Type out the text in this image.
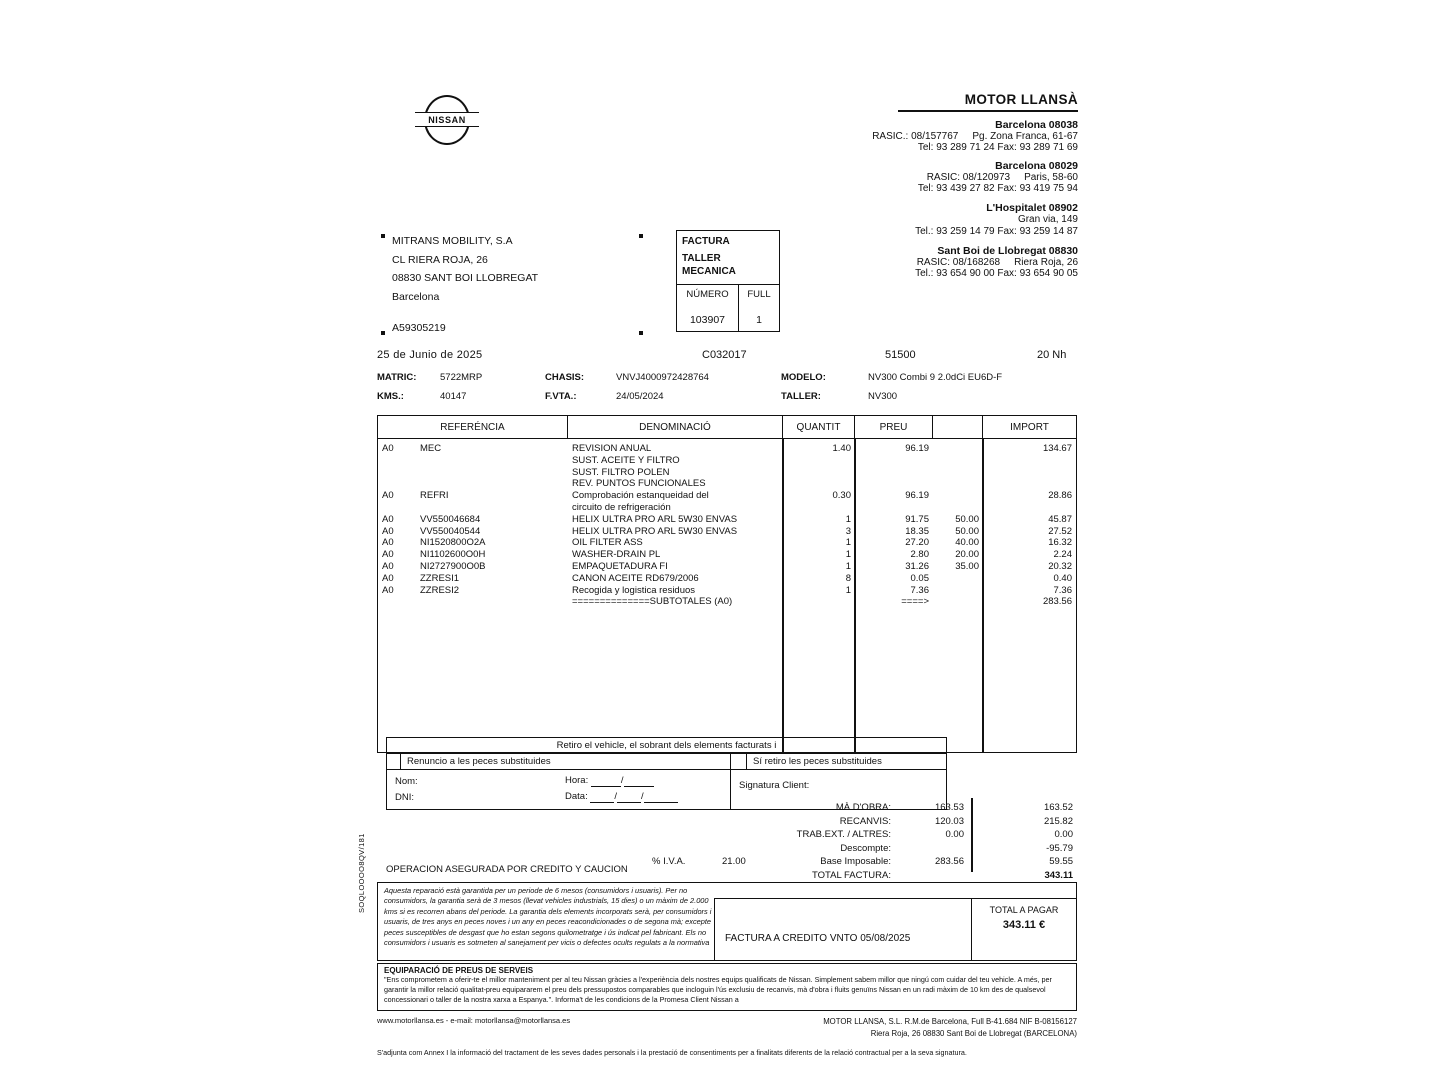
NISSAN
MOTOR LLANSÀ
Barcelona 08038
RASIC.: 08/157767 Pg. Zona Franca, 61-67
Tel: 93 289 71 24 Fax: 93 289 71 69
Barcelona 08029
RASIC: 08/120973 Paris, 58-60
Tel: 93 439 27 82 Fax: 93 419 75 94
L'Hospitalet 08902
Gran via, 149
Tel.: 93 259 14 79 Fax: 93 259 14 87
Sant Boi de Llobregat 08830
RASIC: 08/168268 Riera Roja, 26
Tel.: 93 654 90 00 Fax: 93 654 90 05
MITRANS MOBILITY, S.A
CL RIERA ROJA, 26
08830 SANT BOI LLOBREGAT
Barcelona
A59305219
FACTURA
TALLER
MECANICA
NÚMERO
103907
FULL
1
25 de Junio de 2025	C032017	51500	20 Nh
MATRIC: 5722MRP	CHASIS:	VNVJ4000972428764	MODELO:	NV300 Combi 9 2.0dCi EU6D-F
KMS.:	40147	F.VTA.:	24/05/2024	TALLER:	NV300
REFERÉNCIA	DENOMINACIÓ	QUANTIT	PREU	IMPORT
A0	MEC	REVISION ANUAL	1.40	96.19	134.67
SUST. ACEITE Y FILTRO
SUST. FILTRO POLEN
REV. PUNTOS FUNCIONALES
A0	REFRI	Comprobación estanqueidad del	0.30	96.19	28.86
circuito de refrigeración
A0	VV550046684	HELIX ULTRA PRO ARL 5W30 ENVAS	1	91.75	50.00	45.87
A0	VV550040544	HELIX ULTRA PRO ARL 5W30 ENVAS	3	18.35	50.00	27.52
A0	NI1520800O2A	OIL FILTER ASS	1	27.20	40.00	16.32
A0	NI1102600O0H	WASHER-DRAIN PL	1	2.80	20.00	2.24
A0	NI2727900O0B	EMPAQUETADURA FI	1	31.26	35.00	20.32
A0	ZZRESI1	CANON ACEITE RD679/2006	8	0.05	0.40
A0	ZZRESI2	Recogida y logistica residuos	1	7.36	7.36
==============SUBTOTALES (A0)	====>	283.56
Retiro el vehicle, el sobrant dels elements facturats i
Renuncio a les peces substituides	Sí retiro les peces substituides
Nom:	Hora:	/
DNI:	Data:	/	/
Signatura Client:
MÀ D'OBRA:	163.53	163.52
RECANVIS:	120.03	215.82
TRAB.EXT. / ALTRES:	0.00	0.00
Descompte:	-95.79
% I.V.A.	21.00	Base Imposable:	283.56	59.55
TOTAL FACTURA:	343.11
OPERACION ASEGURADA POR CREDITO Y CAUCION
SOQLOOOO8QV/181 Aquesta reparació està garantida per un periode de 6 mesos (consumidors i usuaris). Per no consumidors, la garantia serà de 3 mesos (llevat vehicles industrials, 15 dies) o un màxim de 2.000 kms si es recorren abans del periode. La garantia dels elements incorporats serà, per consumidors i usuaris, de tres anys en peces noves i un any en peces reacondicionades o de segona mà; excepte peces susceptibles de desgast que ho estan segons quilometratge i ús indicat pel fabricant. Els no consumidors i usuaris es sotmeten al sanejament per vicis o defectes ocults regulats a la normativa	FACTURA A CREDITO VNTO 05/08/2025
TOTAL A PAGAR
343.11 €
EQUIPARACIÓ DE PREUS DE SERVEIS
"Ens comprometem a oferir-te el millor manteniment per al teu Nissan gràcies a l'experiència dels nostres equips qualificats de Nissan. Simplement sabem millor que ningú com cuidar del teu vehicle. A més, per garantir la millor relació qualitat-preu equipararem el preu dels pressupostos comparables que incloguin l'ús exclusiu de recanvis, mà d'obra i fluits genuïns Nissan en un radi màxim de 10 km des de qualsevol concessionari o taller de la nostra xarxa a Espanya.". Informa't de les condicions de la Promesa Client Nissan a
www.motorllansa.es - e-mail: motorllansa@motorllansa.es	MOTOR LLANSA, S.L. R.M.de Barcelona, Full B-41.684 NIF B-08156127
Riera Roja, 26 08830 Sant Boi de Llobregat (BARCELONA)
S'adjunta com Annex I la informació del tractament de les seves dades personals i la prestació de consentiments per a finalitats diferents de la relació contractual per a la seva signatura.
